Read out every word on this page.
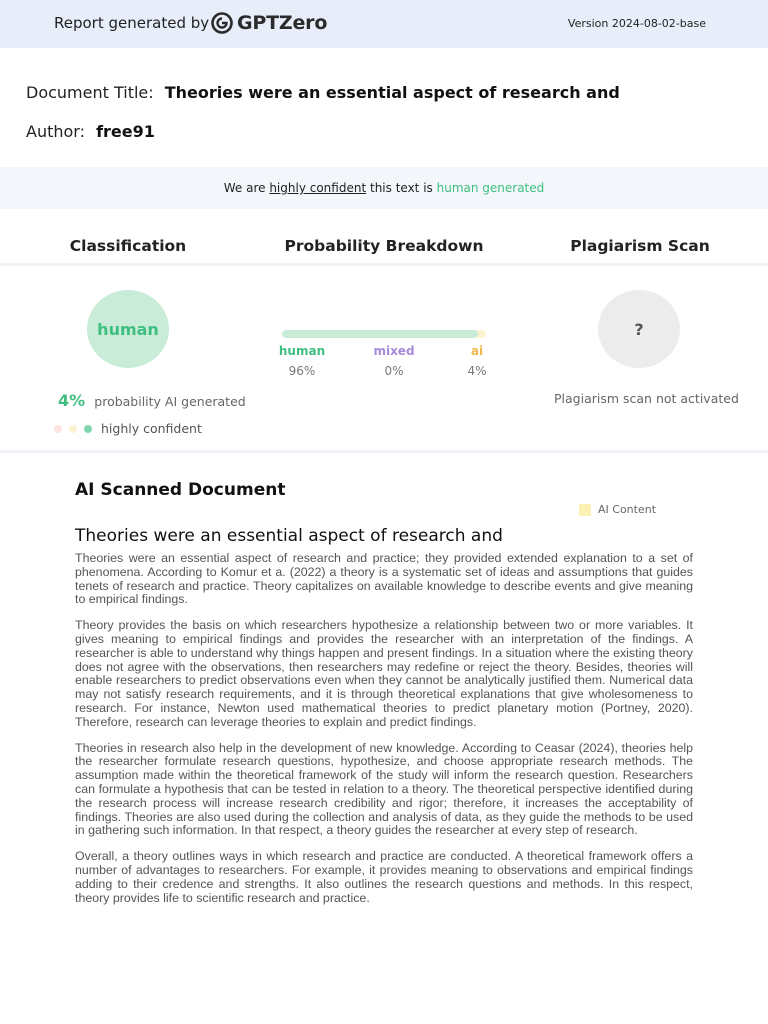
Report generated by GPTZero	Version 2024-08-02-base
Document Title: Theories were an essential aspect of research and
Author: free91
We are highly confident this text is human generated
Classification	Probability Breakdown	Plagiarism Scan
human
4% probability AI generated
highly confident
human
96%
mixed
0%
ai
4%
?
Plagiarism scan not activated
AI Scanned Document
AI Content
Theories were an essential aspect of research and

Theories were an essential aspect of research and practice; they provided extended explanation to a set of phenomena. According to Komur et a. (2022) a theory is a systematic set of ideas and assumptions that guides tenets of research and practice. Theory capitalizes on available knowledge to describe events and give meaning to empirical findings.

Theory provides the basis on which researchers hypothesize a relationship between two or more variables. It gives meaning to empirical findings and provides the researcher with an interpretation of the findings. A researcher is able to understand why things happen and present findings. In a situation where the existing theory does not agree with the observations, then researchers may redefine or reject the theory. Besides, theories will enable researchers to predict observations even when they cannot be analytically justified them. Numerical data may not satisfy research requirements, and it is through theoretical explanations that give wholesomeness to research. For instance, Newton used mathematical theories to predict planetary motion (Portney, 2020). Therefore, research can leverage theories to explain and predict findings.

Theories in research also help in the development of new knowledge. According to Ceasar (2024), theories help the researcher formulate research questions, hypothesize, and choose appropriate research methods. The assumption made within the theoretical framework of the study will inform the research question. Researchers can formulate a hypothesis that can be tested in relation to a theory. The theoretical perspective identified during the research process will increase research credibility and rigor; therefore, it increases the acceptability of findings. Theories are also used during the collection and analysis of data, as they guide the methods to be used in gathering such information. In that respect, a theory guides the researcher at every step of research.

Overall, a theory outlines ways in which research and practice are conducted. A theoretical framework offers a number of advantages to researchers. For example, it provides meaning to observations and empirical findings adding to their credence and strengths. It also outlines the research questions and methods. In this respect, theory provides life to scientific research and practice.
